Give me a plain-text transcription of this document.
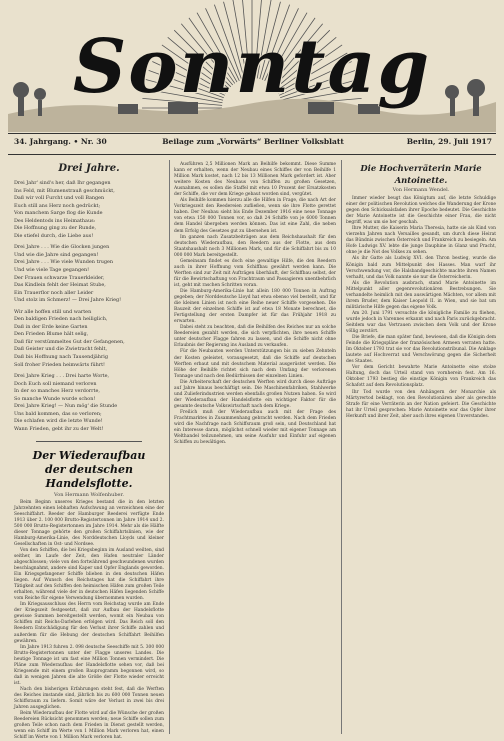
Sonntag
34. Jahrgang. • Nr. 30	Beilage zum „Vorwärts“ Berliner Volksblatt	Berlin, 29. Juli 1917
Drei Jahre.
Drei Jahr' sind's her, daß Ihr gegangen
Ins Feld, mit Blumenstrauß geschmückt,
Daß wir voll Furcht und voll Bangen
Euch still ans Herz noch gedrückt;
Von manchem Sarge flog die Kunde
Des Heldentods ins Heimathaus:
Die Hoffnung ging zu der Runde,
Die stiefel durch, die Liebe aus!
Drei Jahre . . . Wie die Glocken jungen
Und wie die Jahre sind gegangen!
Drei Jahre . . . Wie viele Wunden trugen
Und wie viele Tage gegangen!
Der Frauen schwarze Trauerkleider,
Das Kindlein fehlt der Heimat Stube,
Ein Trauerflor noch aller Leider
Und stolz im Schmerz! — Drei Jahre Krieg!
Wir alle hoffen still und warten
Den baldigen Frieden nach heiliglich,
Daß in der Erde keine Garten
Den Frieden Blume hält selig,
Daß für verstümmeltes Gut der Gefangenen,
Daß Geister und die Zwietracht fehlt,
Daß bis Hoffnung nach Tausendjährig
Soll froher Frieden heimwärts führt!
Drei Jahre Krieg . . . Drei harte Worte,
Doch Euch soll niemand verloren
In der so manches Herz verdorrte,
So manche Wunde wurde schon!
Drei Jahre Krieg! — Nun mög' die Stunde
Uns bald kommen, das so verloren;
Die schlafen wird die letzte Wunde!
Wann Frieden, gebt ihr zu der Welt!
Der Wiederaufbau
der deutschen Handelsflotte.
Von Hermann Wolfenhuber.

Beim Beginn unseres Krieges bestand die in den letzten Jahrzehnten einen lebhaften Aufschwung an verzeichnen eine der Seeschiffahrt. Reeder der Hamburger Reederei verfügte Ende 1913 über 2. 100 000 Brutto-Registertonnen im Jahre 1914 und 2. 500 000 Brutto-Registertonnen im Jahre 1914. Mehr als die Hälfte dieser Tonnage gehörte den großen Schiffahrtslinien, wie der Hamburg-Amerika-Linie, des Norddeutschen Lloyds und kleiner Gesellschaften in Ost- und Nordsee.

Von den Schiffen, die bei Kriegsbeginn im Ausland weilten, sind seither, im Laufe der Zeit, den Hafen neutraler Länder abgeschlossen; viele von den fortwährend geschwundenen wurden beschlagnahmt, andere sind Kaper und Opfer Englands geworden. Ein Kriegsgefangener Schiffe blieben in den deutschen Häfen liegen. Auf Wunsch des Reichstages hat die Schiffahrt ihre Tätigkeit auf den Schiffen den heimischen Häfen zum großen Teile erhalten, während viele der in deutschen Häfen liegenden Schiffe vom Reiche für eigene Verwendung übernommen wurden.

Im Kriegsausschluss des Herrn vom Reichstag wurde am Ende der Kriegszeit festgesetzt, daß zur Aufbau der Handelsflotte gewisse Summen bereitgestellt werden, womit ein Neubau von Schiffen mit Reichs-Darlehen erfolgen wird. Das Reich soll den Reedern Entschädigung für den Verlust ihrer Schiffe zahlen und außerdem für die Hebung der deutschen Schiffahrt Beihilfen gewähren.

Im Jahre 1913 fuhren 2. 098 deutsche Seeschiffe mit 5. 300 000 Brutto-Registertonnen unter der Flagge unseres Landes. Die heutige Tonnage ist um fast eine Million Tonnen vermindert. Die Pläne zum Wiederaufbau der Handelsflotte sehen vor, daß bei Kriegsende mit einem großen Bauprogramm begonnen wird, so daß in wenigen Jahren die alte Größe der Flotte wieder erreicht ist.

Nach den bisherigen Erfahrungen steht fest, daß die Werften des Reiches imstande sind, jährlich bis zu 600 000 Tonnen neuen Schiffsraum zu liefern. Somit wäre der Verlust in zwei bis drei Jahren ausgeglichen.

Beim Wiederaufbau der Flotte wird auf die Wünsche der großen Reedereien Rücksicht genommen werden; neue Schiffe sollen zum großen Teile schon nach dem Frieden in Dienst gestellt werden, wenn ein Schiff im Werte von 1 Million Mark verloren hat, einen Schiff im Werte von 1 Million Mark verloren hat.

Ausführen 2,5 Millionen Mark an Beihilfe bekommt. Diese Summe kann er erhalten, wenn der Neubau eines Schiffes der von Beihilfe 1 Million Mark kostet, nach 12 bis 13 Millionen Mark gefordert ist. Aber weitere Kosten des Neubaus von Schiffen zu großen Gesetzen, Ausnahmen, es sollen die Staffel mit etwa 10 Prozent der Ersatzkosten der Schiffe, die vor dem Kriege gebaut worden sind, vergütet.

Als Beihilfe kommen hierzu alle die Hilfen in Frage, die nach Art der Vorkriegszeit den Reedereien zufließen, wenn sie ihre Flotte gerettet haben. Der Neubau sieht bis Ende Dezember 1916 eine neue Tonnage von etwa 150 000 Tonnen vor, so daß 24 Schiffe von je 6000 Tonnen dem Handel übergeben werden können. Das ist eine Zahl, die neben dem Erfolg des Gesetzes gut zu übersehen ist.

Im ganzen nach Zusatzbeiträgen aus dem Reichshaushalt für den deutschen Wiederaufbau, den Reedern aus der Flotte, aus dem Staatshaushalt noch 3 Millionen Mark, und für die Schiffahrt bis zu 10 000 000 Mark bereitgestellt.

Gemeinsam findet es doch eine gewaltige Hilfe, die den Reedern auch in ihrer Hoffnung vom Schiffbau gewährt werden kann. Die Werften sind zur Zeit mit Aufträgen überhäuft, der Schiffbau selbst, der für die Bewirtschaftung von Frachtraum und Passagieren unentbehrlich ist, geht mit raschen Schritten voran.

Die Hamburg-Amerika-Linie hat allein 180 000 Tonnen in Auftrag gegeben; der Norddeutsche Lloyd hat etwa ebenso viel bestellt, und für die kleinen Linien ist noch eine Reihe neuer Schiffe vorgesehen. Die Bauzeit der einzelnen Schiffe ist auf etwa 18 Monate berechnet, die Fertigstellung der ersten Dampfer ist für das Frühjahr 1918 zu erwarten.

Dabei steht zu beachten, daß die Beihilfen des Reiches nur an solche Reedereien gezahlt werden, die sich verpflichten, ihre neuen Schiffe unter deutscher Flagge fahren zu lassen, und die Schiffe nicht ohne Erlaubnis der Regierung ins Ausland zu verkaufen.

Für die Neubauten werden Unterstützungen bis zu sieben Zehnteln der Kosten geleistet, vorausgesetzt, daß die Schiffe auf deutschen Werften erbaut und mit deutschem Material ausgerüstet werden. Die Höhe der Beihilfe richtet sich nach dem Umfang der verlorenen Tonnage und nach den Bedürfnissen der einzelnen Linien.

Die Arbeiterschaft der deutschen Werften wird durch diese Aufträge auf Jahre hinaus beschäftigt sein. Die Maschinenfabriken, Stahlwerke und Zulieferindustrien werden ebenfalls großen Nutzen haben. So wird der Wiederaufbau der Handelsflotte ein wichtiger Faktor für die gesamte deutsche Volkswirtschaft nach dem Kriege.

Freilich muß der Wiederaufbau auch mit der Frage des Frachtmarktes in Zusammenhang gebracht werden. Nach dem Frieden wird die Nachfrage nach Schiffsraum groß sein, und Deutschland hat ein Interesse daran, möglichst schnell wieder mit eigener Tonnage am Welthandel teilzunehmen, um seine Ausfuhr und Einfuhr auf eigenen Schiffen zu bewältigen.

Die Hochverräterin Marie Antoinette.
Von Hermann Wendel.

Immer wieder beugt das Königtum auf, die letzte Schuldige einer der politischen Revolution welches die Wanderung der Krone gegen den Schicksalsfaden ihrer Epoche bedeutet. Die Geschichte der Marie Antoinette ist die Geschichte einer Frau, die nicht begriff, was um sie her geschah.

Ihre Mutter, die Kaiserin Maria Theresia, hatte sie als Kind von vierzehn Jahren nach Versailles gesandt, um durch diese Heirat das Bündnis zwischen Österreich und Frankreich zu besiegeln. Am Hofe Ludwigs XV. lebte die junge Dauphine in Glanz und Pracht, ohne je die Not des Volkes zu sehen.

Als ihr Gatte als Ludwig XVI. den Thron bestieg, wurde die Königin bald zum Mittelpunkt des Hasses. Man warf ihr Verschwendung vor, die Halsbandgeschichte machte ihren Namen verhaßt, und das Volk nannte sie nur die Österreicherin.

Als die Revolution ausbrach, stand Marie Antoinette im Mittelpunkt aller gegenrevolutionären Bestrebungen. Sie verhandelte heimlich mit den auswärtigen Mächten, vor allem mit ihrem Bruder, dem Kaiser Leopold II. in Wien, und sie bat um militärische Hilfe gegen das eigene Volk.

Am 20. Juni 1791 versuchte die königliche Familie zu fliehen, wurde jedoch in Varennes erkannt und nach Paris zurückgebracht. Seitdem war das Vertrauen zwischen dem Volk und der Krone völlig zerstört.

Die Briefe, die man später fand, bewiesen, daß die Königin dem Feinde die Kriegspläne der französischen Armeen verraten hatte. Im Oktober 1793 trat sie vor das Revolutionstribunal. Die Anklage lautete auf Hochverrat und Verschwörung gegen die Sicherheit des Staates.

Vor dem Gericht bewahrte Marie Antoinette eine stolze Haltung, doch das Urteil stand von vornherein fest. Am 16. Oktober 1793 bestieg die einstige Königin von Frankreich das Schafott auf dem Revolutionsplatz.

Ihr Tod wurde von den Anhängern der Monarchie als Märtyrertod beklagt, von den Revolutionären aber als gerechte Strafe für eine Verräterin an der Nation gefeiert. Die Geschichte hat ihr Urteil gesprochen: Marie Antoinette war das Opfer ihrer Herkunft und ihrer Zeit, aber auch ihres eigenen Unverstandes.
